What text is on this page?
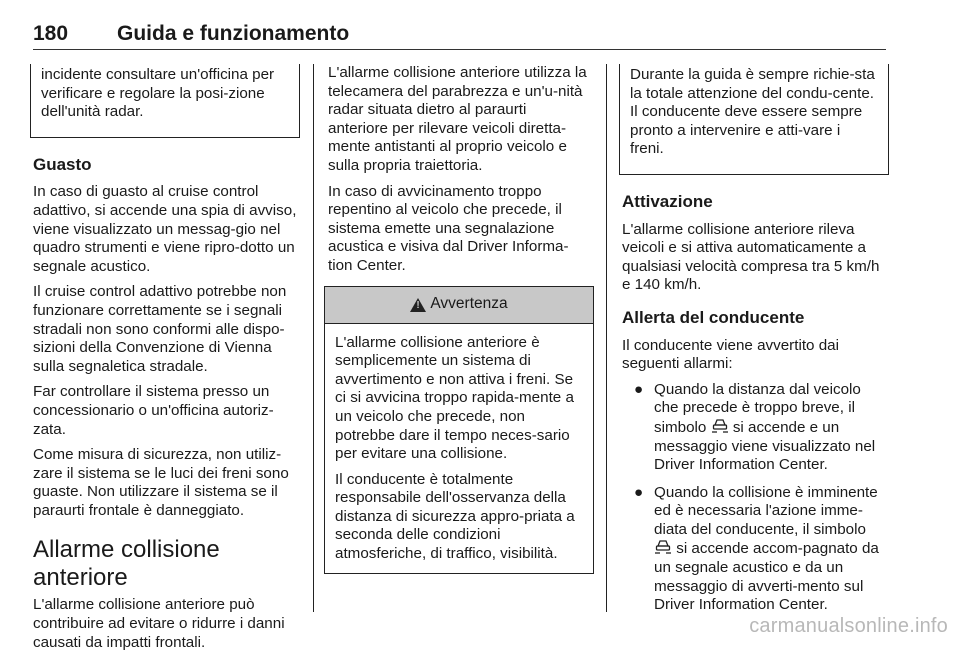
180 Guida e funzionamento

incidente consultare un'officina per verificare e regolare la posi-zione dell'unità radar.

Guasto

In caso di guasto al cruise control adattivo, si accende una spia di avviso, viene visualizzato un messag-gio nel quadro strumenti e viene ripro-dotto un segnale acustico.

Il cruise control adattivo potrebbe non funzionare correttamente se i segnali stradali non sono conformi alle dispo-sizioni della Convenzione di Vienna sulla segnaletica stradale.

Far controllare il sistema presso un concessionario o un'officina autoriz-zata.

Come misura di sicurezza, non utiliz-zare il sistema se le luci dei freni sono guaste. Non utilizzare il sistema se il paraurti frontale è danneggiato.

Allarme collisione anteriore

L'allarme collisione anteriore può contribuire ad evitare o ridurre i danni causati da impatti frontali.

L'allarme collisione anteriore utilizza la telecamera del parabrezza e un'u-nità radar situata dietro al paraurti anteriore per rilevare veicoli diretta-mente antistanti al proprio veicolo e sulla propria traiettoria.

In caso di avvicinamento troppo repentino al veicolo che precede, il sistema emette una segnalazione acustica e visiva dal Driver Informa-tion Center.

!
Avvertenza

L'allarme collisione anteriore è semplicemente un sistema di avvertimento e non attiva i freni. Se ci si avvicina troppo rapida-mente a un veicolo che precede, non potrebbe dare il tempo neces-sario per evitare una collisione.

Il conducente è totalmente responsabile dell'osservanza della distanza di sicurezza appro-priata a seconda delle condizioni atmosferiche, di traffico, visibilità.

Durante la guida è sempre richie-sta la totale attenzione del condu-cente. Il conducente deve essere sempre pronto a intervenire e atti-vare i freni.

Attivazione

L'allarme collisione anteriore rileva veicoli e si attiva automaticamente a qualsiasi velocità compresa tra 5 km/h e 140 km/h.

Allerta del conducente

Il conducente viene avvertito dai seguenti allarmi:

● Quando la distanza dal veicolo che precede è troppo breve, il simbolo si accende e un messaggio viene visualizzato nel Driver Information Center.
● Quando la collisione è imminente ed è necessaria l'azione imme-diata del conducente, il simbolo  si accende accom-pagnato da un segnale acustico e da un messaggio di avverti-mento sul Driver Information Center.
carmanualsonline.info
